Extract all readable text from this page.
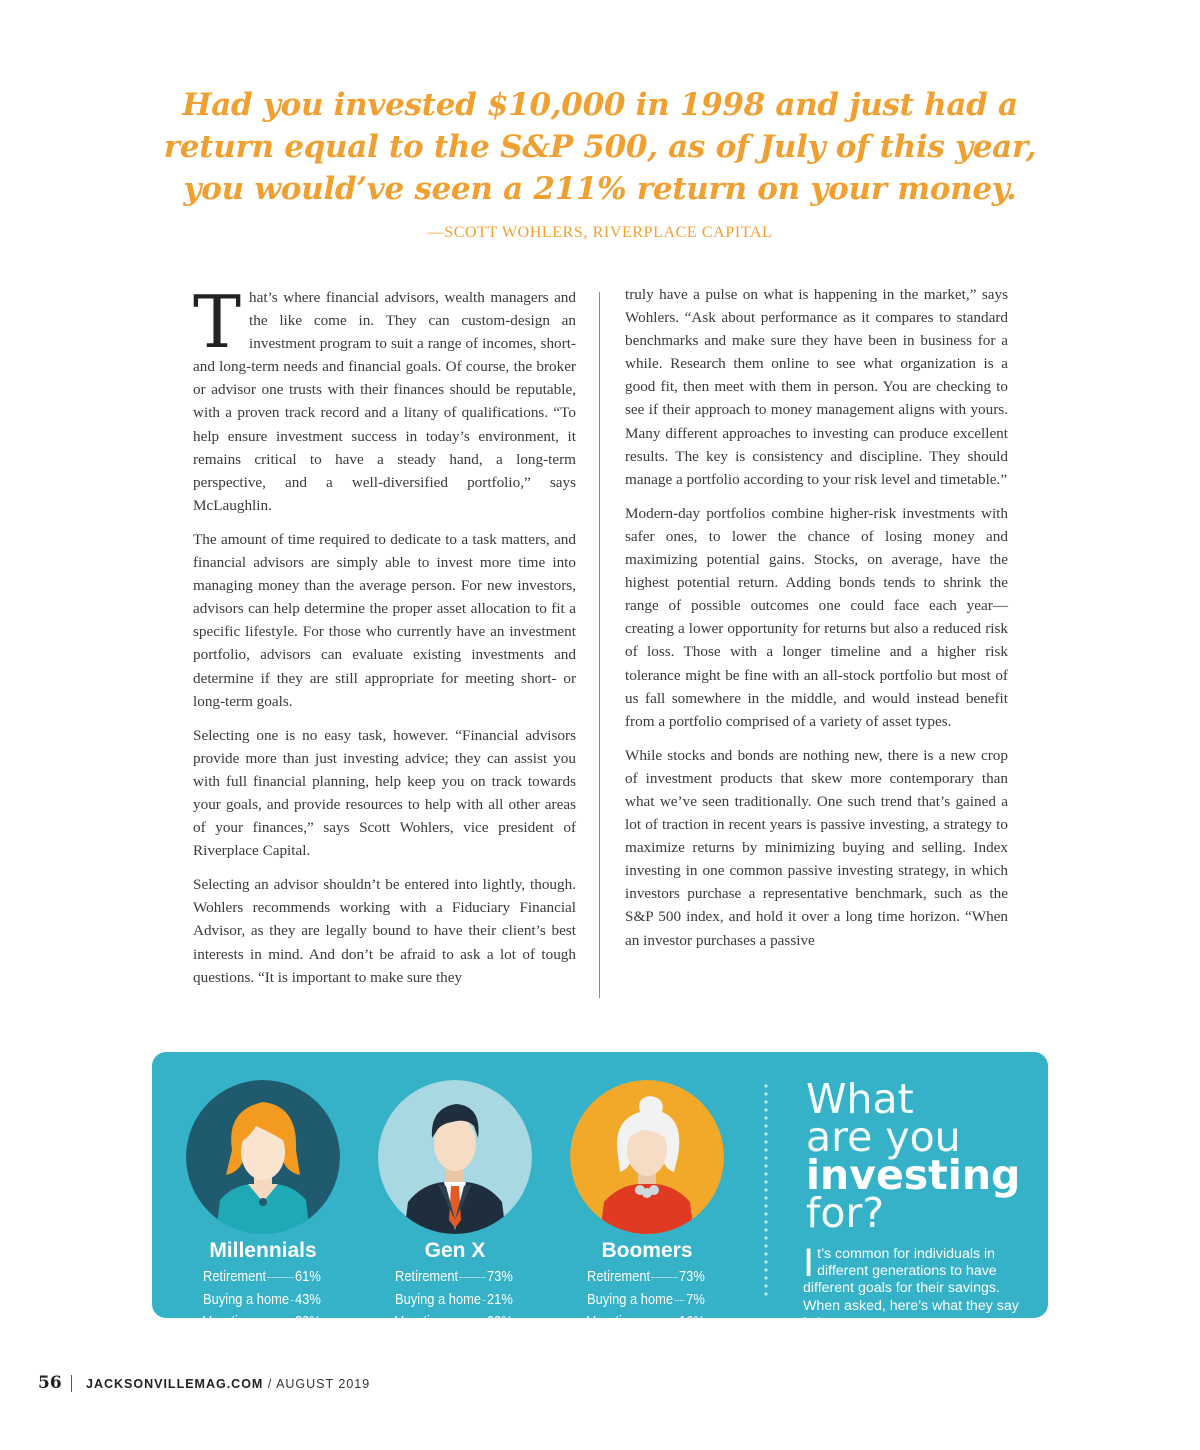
Had you invested $10,000 in 1998 and just had a
return equal to the S&P 500, as of July of this year,
you would’ve seen a 211% return on your money.
—SCOTT WOHLERS, RIVERPLACE CAPITAL

That’s where financial advisors, wealth managers and the like come in. They can custom-design an investment program to suit a range of incomes, short- and long-term needs and financial goals. Of course, the broker or advisor one trusts with their finances should be reputable, with a proven track record and a litany of qualifications. “To help ensure investment success in today’s environment, it remains critical to have a steady hand, a long-term perspective, and a well-diversified portfolio,” says McLaughlin.

The amount of time required to dedicate to a task matters, and financial advisors are simply able to invest more time into managing money than the average person. For new investors, advisors can help determine the proper asset allocation to fit a specific lifestyle. For those who currently have an investment portfolio, advisors can evaluate existing investments and determine if they are still appropriate for meeting short- or long-term goals.

Selecting one is no easy task, however. “Financial advisors provide more than just investing advice; they can assist you with full financial planning, help keep you on track towards your goals, and provide resources to help with all other areas of your finances,” says Scott Wohlers, vice president of Riverplace Capital.

Selecting an advisor shouldn’t be entered into lightly, though. Wohlers recommends working with a Fiduciary Financial Advisor, as they are legally bound to have their client’s best interests in mind. And don’t be afraid to ask a lot of tough questions. “It is important to make sure they

truly have a pulse on what is happening in the market,” says Wohlers. “Ask about performance as it compares to standard benchmarks and make sure they have been in business for a while. Research them online to see what organization is a good fit, then meet with them in person. You are checking to see if their approach to money management aligns with yours. Many different approaches to investing can produce excellent results. The key is consistency and discipline. They should manage a portfolio according to your risk level and timetable.”

Modern-day portfolios combine higher-risk investments with safer ones, to lower the chance of losing money and maximizing potential gains. Stocks, on average, have the highest potential return. Adding bonds tends to shrink the range of possible outcomes one could face each year—creating a lower opportunity for returns but also a reduced risk of loss. Those with a longer timeline and a higher risk tolerance might be fine with an all-stock portfolio but most of us fall somewhere in the middle, and would instead benefit from a portfolio comprised of a variety of asset types.

While stocks and bonds are nothing new, there is a new crop of investment products that skew more contemporary than what we’ve seen traditionally. One such trend that’s gained a lot of traction in recent years is passive investing, a strategy to maximize returns by minimizing buying and selling. Index investing in one common passive investing strategy, in which investors purchase a representative benchmark, such as the S&P 500 index, and hold it over a long time horizon. “When an investor purchases a passive

Millennials
Retirement 61%
Buying a home 43%
Vacation	33%
Gen X
Retirement 73%
Buying a home 21%
Vacation	23%
Boomers
Retirement 73%
Buying a home 7%
Vacation	16%
What
are you
investing
for?
It’s common for individuals in different generations to have different goals for their savings. When asked, here’s what they say is important. Source: Stash
56 JACKSONVILLEMAG.COM / AUGUST 2019
